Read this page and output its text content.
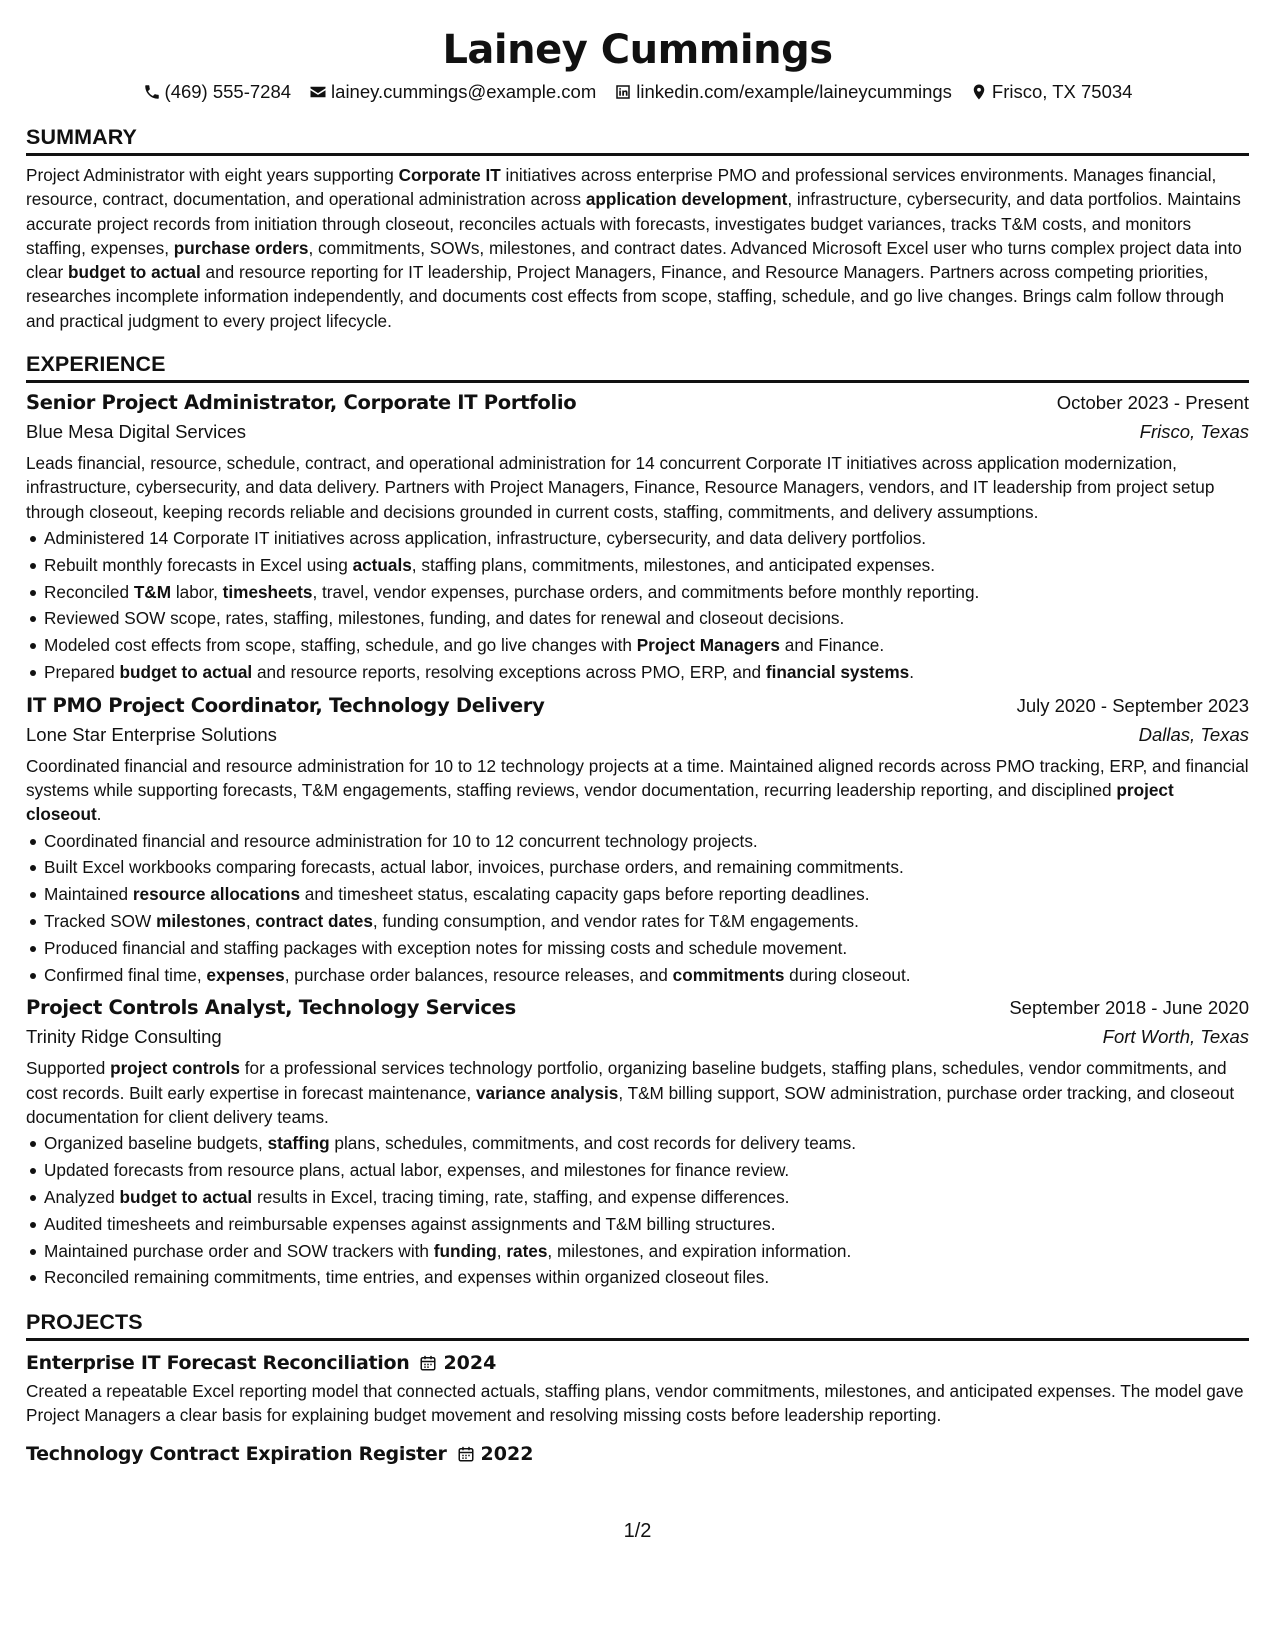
Lainey Cummings
(469) 555-7284 lainey.cummings@example.com linkedin.com/example/laineycummings Frisco, TX 75034
SUMMARY
Project Administrator with eight years supporting Corporate IT initiatives across enterprise PMO and professional services environments. Manages financial, resource, contract, documentation, and operational administration across application development, infrastructure, cybersecurity, and data portfolios. Maintains accurate project records from initiation through closeout, reconciles actuals with forecasts, investigates budget variances, tracks T&M costs, and monitors staffing, expenses, purchase orders, commitments, SOWs, milestones, and contract dates. Advanced Microsoft Excel user who turns complex project data into clear budget to actual and resource reporting for IT leadership, Project Managers, Finance, and Resource Managers. Partners across competing priorities, researches incomplete information independently, and documents cost effects from scope, staffing, schedule, and go live changes. Brings calm follow through and practical judgment to every project lifecycle.
EXPERIENCE
Senior Project Administrator, Corporate IT Portfolio	October 2023 - Present
Blue Mesa Digital Services	Frisco, Texas
Leads financial, resource, schedule, contract, and operational administration for 14 concurrent Corporate IT initiatives across application modernization, infrastructure, cybersecurity, and data delivery. Partners with Project Managers, Finance, Resource Managers, vendors, and IT leadership from project setup through closeout, keeping records reliable and decisions grounded in current costs, staffing, commitments, and delivery assumptions.
Administered 14 Corporate IT initiatives across application, infrastructure, cybersecurity, and data delivery portfolios.
Rebuilt monthly forecasts in Excel using actuals, staffing plans, commitments, milestones, and anticipated expenses.
Reconciled T&M labor, timesheets, travel, vendor expenses, purchase orders, and commitments before monthly reporting.
Reviewed SOW scope, rates, staffing, milestones, funding, and dates for renewal and closeout decisions.
Modeled cost effects from scope, staffing, schedule, and go live changes with Project Managers and Finance.
Prepared budget to actual and resource reports, resolving exceptions across PMO, ERP, and financial systems.
IT PMO Project Coordinator, Technology Delivery	July 2020 - September 2023
Lone Star Enterprise Solutions	Dallas, Texas
Coordinated financial and resource administration for 10 to 12 technology projects at a time. Maintained aligned records across PMO tracking, ERP, and financial systems while supporting forecasts, T&M engagements, staffing reviews, vendor documentation, recurring leadership reporting, and disciplined project closeout.
Coordinated financial and resource administration for 10 to 12 concurrent technology projects.
Built Excel workbooks comparing forecasts, actual labor, invoices, purchase orders, and remaining commitments.
Maintained resource allocations and timesheet status, escalating capacity gaps before reporting deadlines.
Tracked SOW milestones, contract dates, funding consumption, and vendor rates for T&M engagements.
Produced financial and staffing packages with exception notes for missing costs and schedule movement.
Confirmed final time, expenses, purchase order balances, resource releases, and commitments during closeout.
Project Controls Analyst, Technology Services	September 2018 - June 2020
Trinity Ridge Consulting	Fort Worth, Texas
Supported project controls for a professional services technology portfolio, organizing baseline budgets, staffing plans, schedules, vendor commitments, and cost records. Built early expertise in forecast maintenance, variance analysis, T&M billing support, SOW administration, purchase order tracking, and closeout documentation for client delivery teams.
Organized baseline budgets, staffing plans, schedules, commitments, and cost records for delivery teams.
Updated forecasts from resource plans, actual labor, expenses, and milestones for finance review.
Analyzed budget to actual results in Excel, tracing timing, rate, staffing, and expense differences.
Audited timesheets and reimbursable expenses against assignments and T&M billing structures.
Maintained purchase order and SOW trackers with funding, rates, milestones, and expiration information.
Reconciled remaining commitments, time entries, and expenses within organized closeout files.
PROJECTS
Enterprise IT Forecast Reconciliation 2024
Created a repeatable Excel reporting model that connected actuals, staffing plans, vendor commitments, milestones, and anticipated expenses. The model gave Project Managers a clear basis for explaining budget movement and resolving missing costs before leadership reporting.
Technology Contract Expiration Register 2022
1/2
